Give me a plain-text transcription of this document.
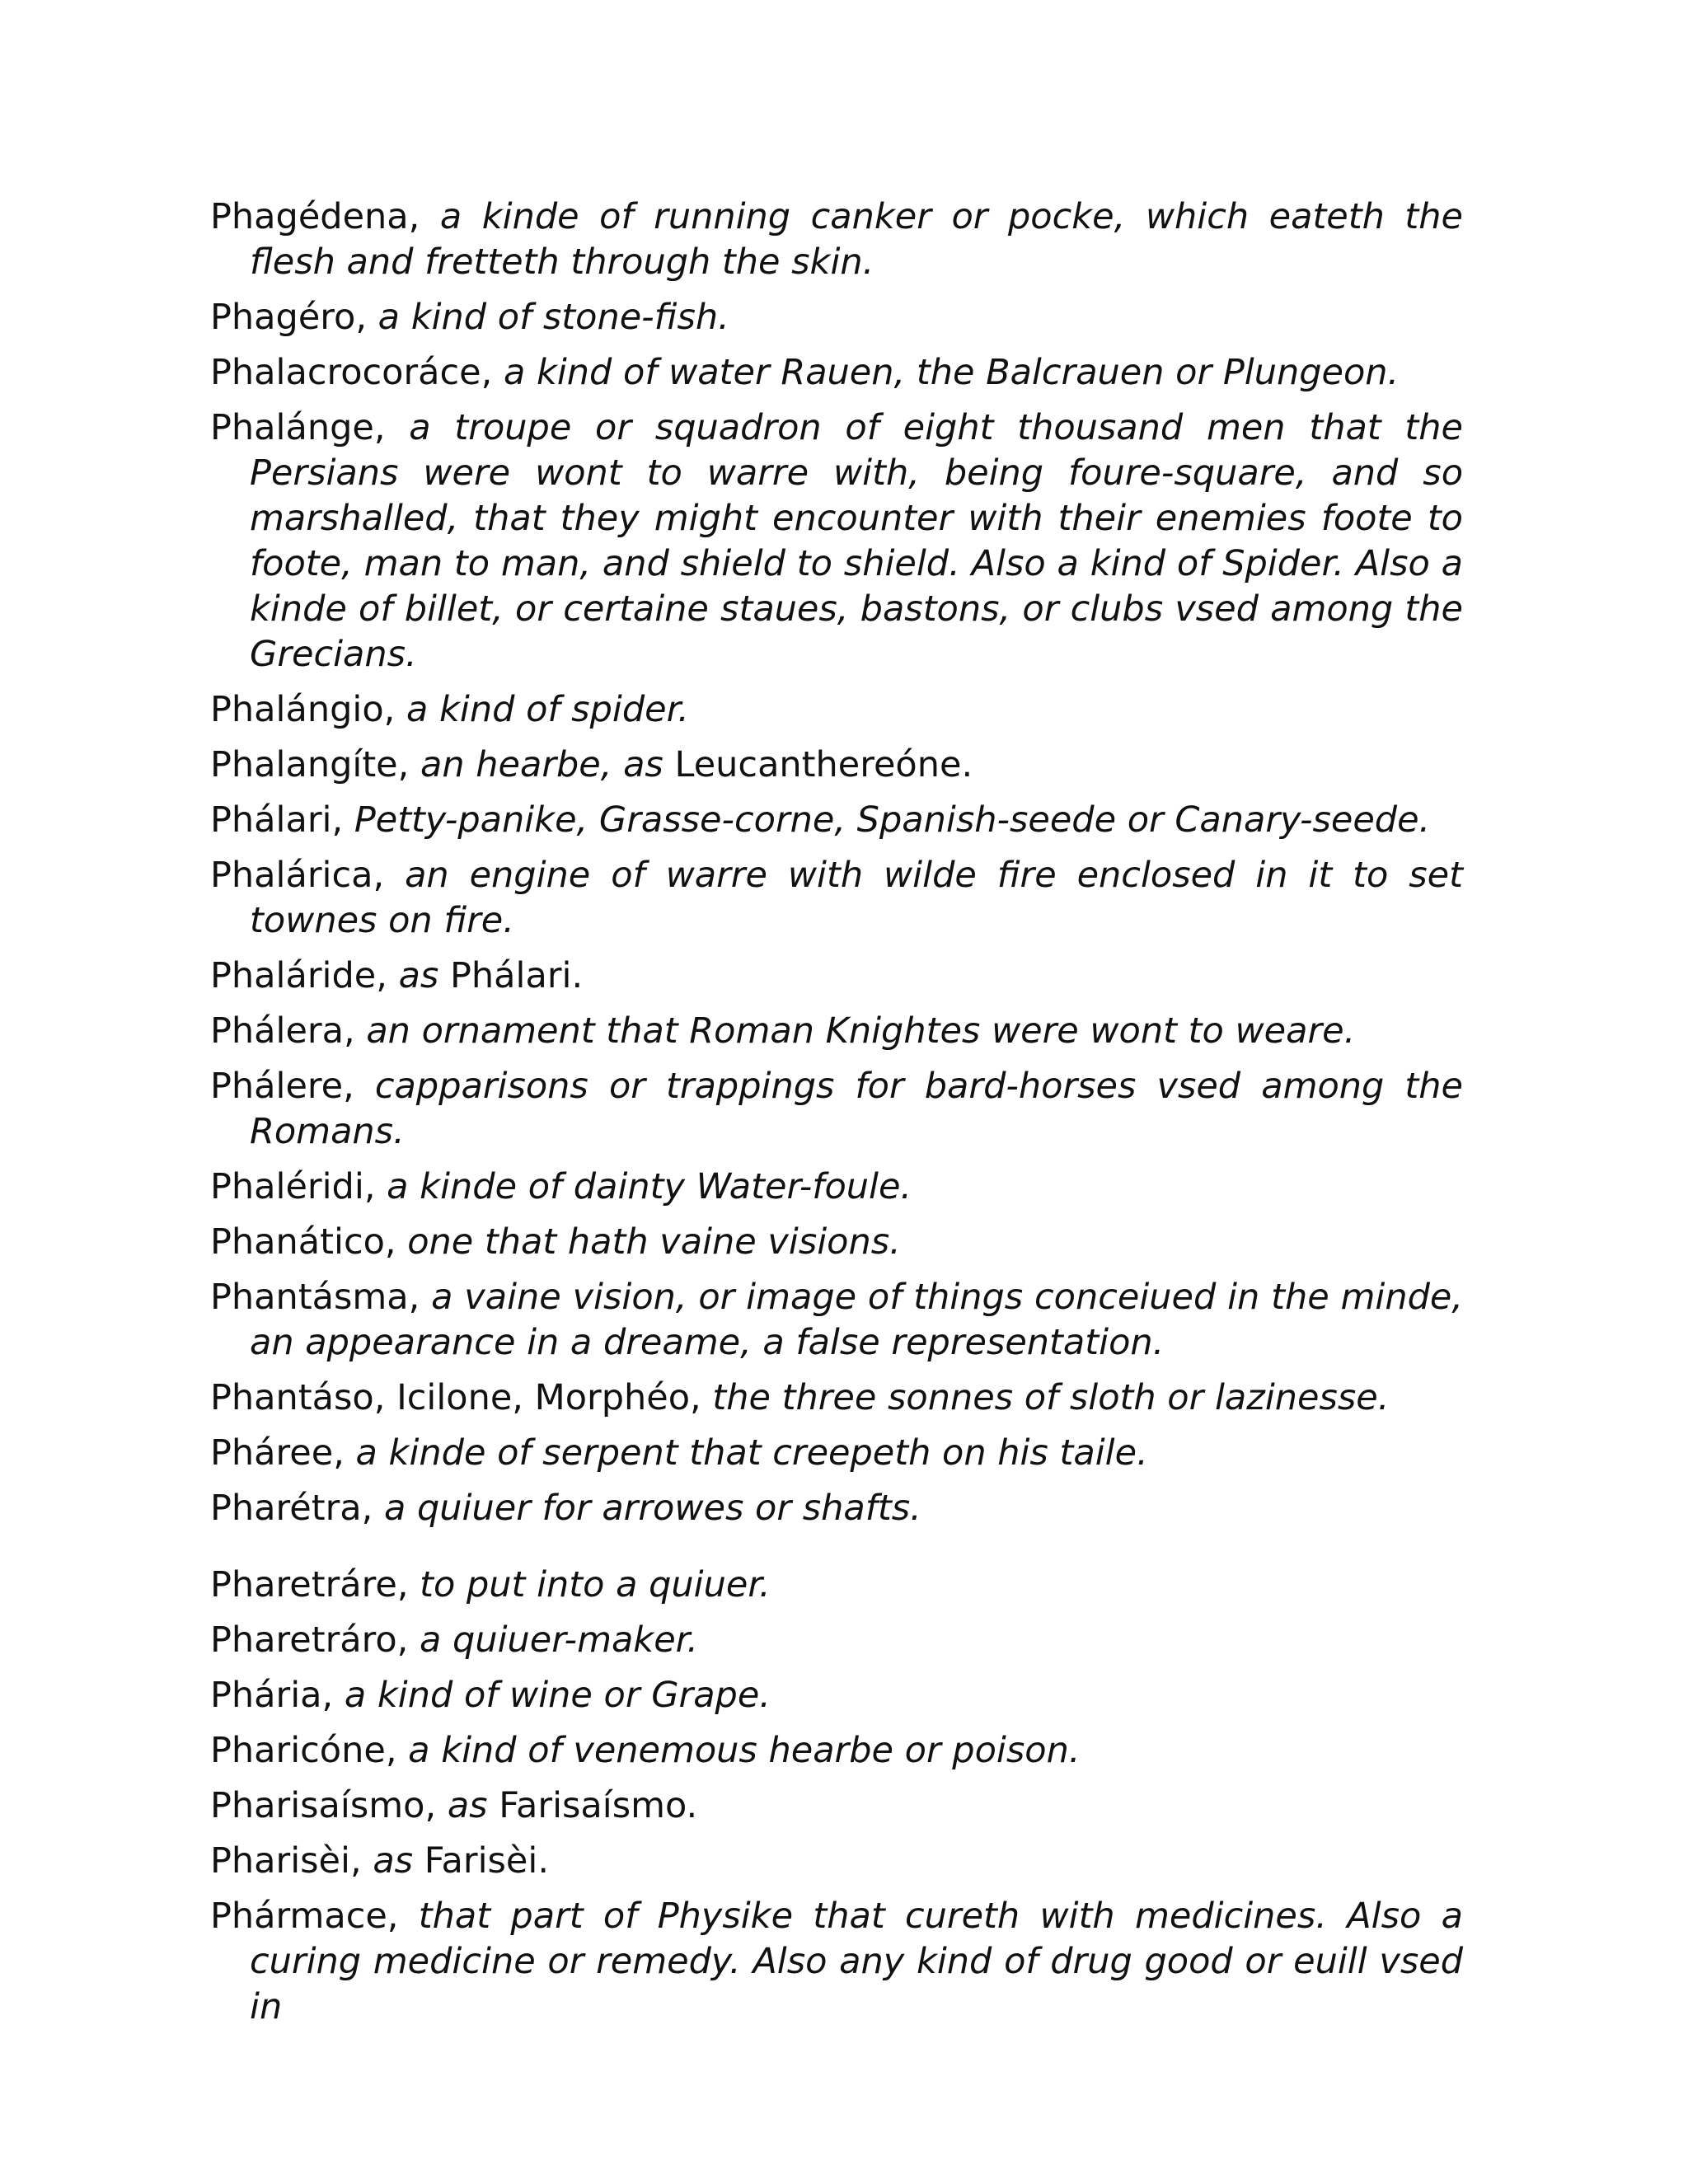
Phagédena, a kinde of running canker or pocke, which eateth the flesh and fretteth through the skin.

Phagéro, a kind of stone-fish.

Phalacrocoráce, a kind of water Rauen, the Balcrauen or Plungeon.

Phalánge, a troupe or squadron of eight thousand men that the Persians were wont to warre with, being foure-square, and so marshalled, that they might encounter with their enemies foote to foote, man to man, and shield to shield. Also a kind of Spider. Also a kinde of billet, or certaine staues, bastons, or clubs vsed among the Grecians.

Phalángio, a kind of spider.

Phalangíte, an hearbe, as Leucanthereóne.

Phálari, Petty-panike, Grasse-corne, Spanish-seede or Canary-seede.

Phalárica, an engine of warre with wilde fire enclosed in it to set townes on fire.

Phaláride, as Phálari.

Phálera, an ornament that Roman Knightes were wont to weare.

Phálere, capparisons or trappings for bard-horses vsed among the Romans.

Phaléridi, a kinde of dainty Water-foule.

Phanático, one that hath vaine visions.

Phantásma, a vaine vision, or image of things conceiued in the minde, an appearance in a dreame, a false representation.

Phantáso, Icilone, Morphéo, the three sonnes of sloth or lazinesse.

Pháree, a kinde of serpent that creepeth on his taile.

Pharétra, a quiuer for arrowes or shafts.

Pharetráre, to put into a quiuer.

Pharetráro, a quiuer-maker.

Phária, a kind of wine or Grape.

Pharicóne, a kind of venemous hearbe or poison.

Pharisaísmo, as Farisaísmo.

Pharisèi, as Farisèi.

Phármace, that part of Physike that cureth with medicines. Also a curing medicine or remedy. Also any kind of drug good or euill vsed in
